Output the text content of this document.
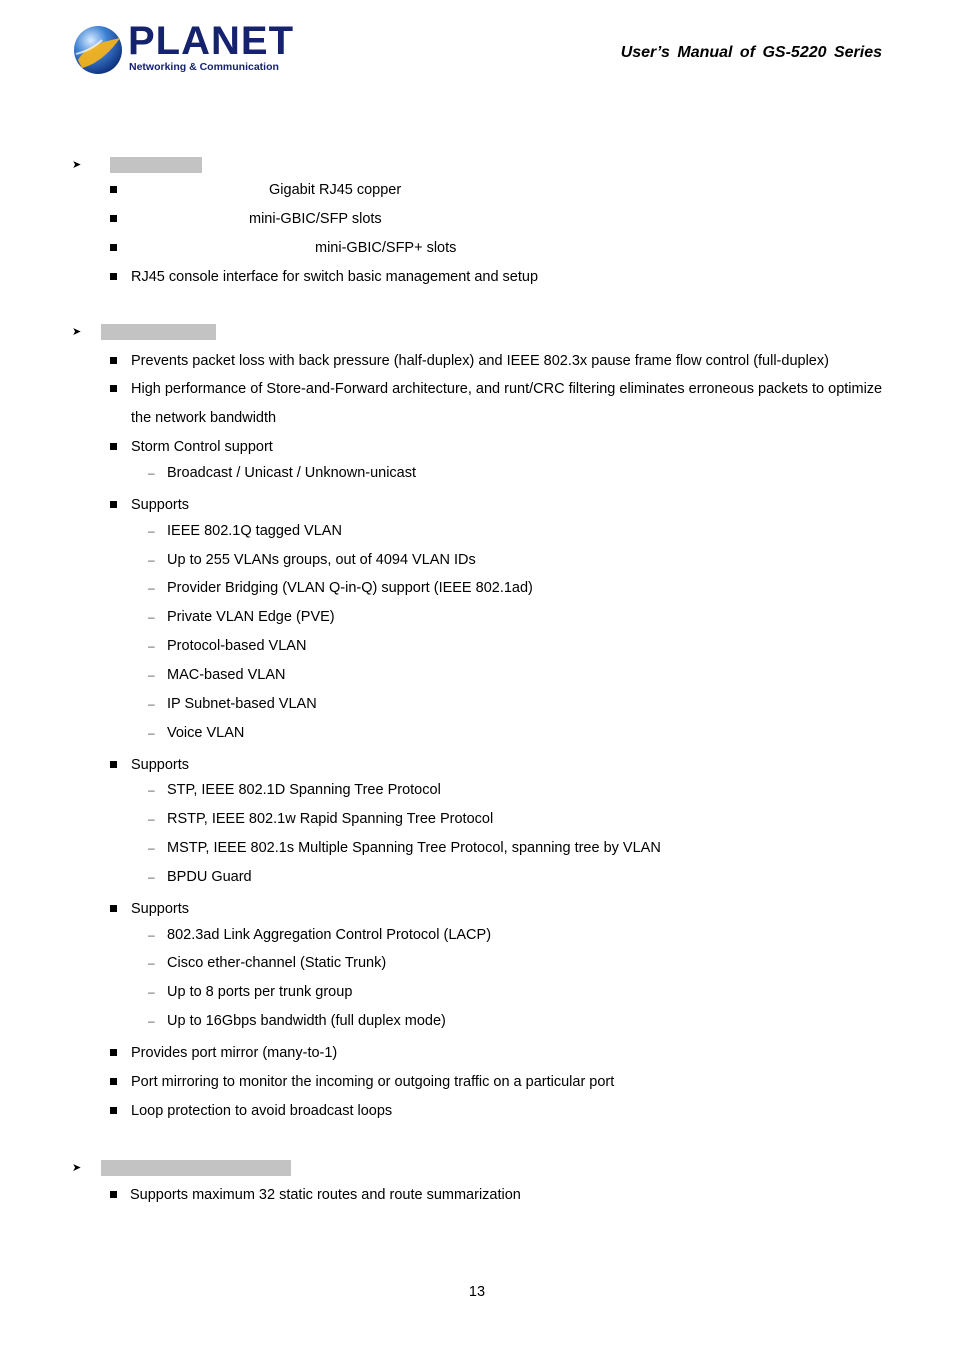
PLANET
Networking & Communication
User’s Manual of GS-5220 Series
➤
Gigabit RJ45 copper
mini-GBIC/SFP slots
mini-GBIC/SFP+ slots
RJ45 console interface for switch basic management and setup
➤
Prevents packet loss with back pressure (half-duplex) and IEEE 802.3x pause frame flow control (full-duplex)
High performance of Store-and-Forward architecture, and runt/CRC filtering eliminates erroneous packets to optimize
the network bandwidth
Storm Control support
– Broadcast / Unicast / Unknown-unicast
Supports
– IEEE 802.1Q tagged VLAN
– Up to 255 VLANs groups, out of 4094 VLAN IDs
– Provider Bridging (VLAN Q-in-Q) support (IEEE 802.1ad)
– Private VLAN Edge (PVE)
– Protocol-based VLAN
– MAC-based VLAN
– IP Subnet-based VLAN
– Voice VLAN
Supports
– STP, IEEE 802.1D Spanning Tree Protocol
– RSTP, IEEE 802.1w Rapid Spanning Tree Protocol
– MSTP, IEEE 802.1s Multiple Spanning Tree Protocol, spanning tree by VLAN
– BPDU Guard
Supports
– 802.3ad Link Aggregation Control Protocol (LACP)
– Cisco ether-channel (Static Trunk)
– Up to 8 ports per trunk group
– Up to 16Gbps bandwidth (full duplex mode)
Provides port mirror (many-to-1)
Port mirroring to monitor the incoming or outgoing traffic on a particular port
Loop protection to avoid broadcast loops
➤
Supports maximum 32 static routes and route summarization
13
